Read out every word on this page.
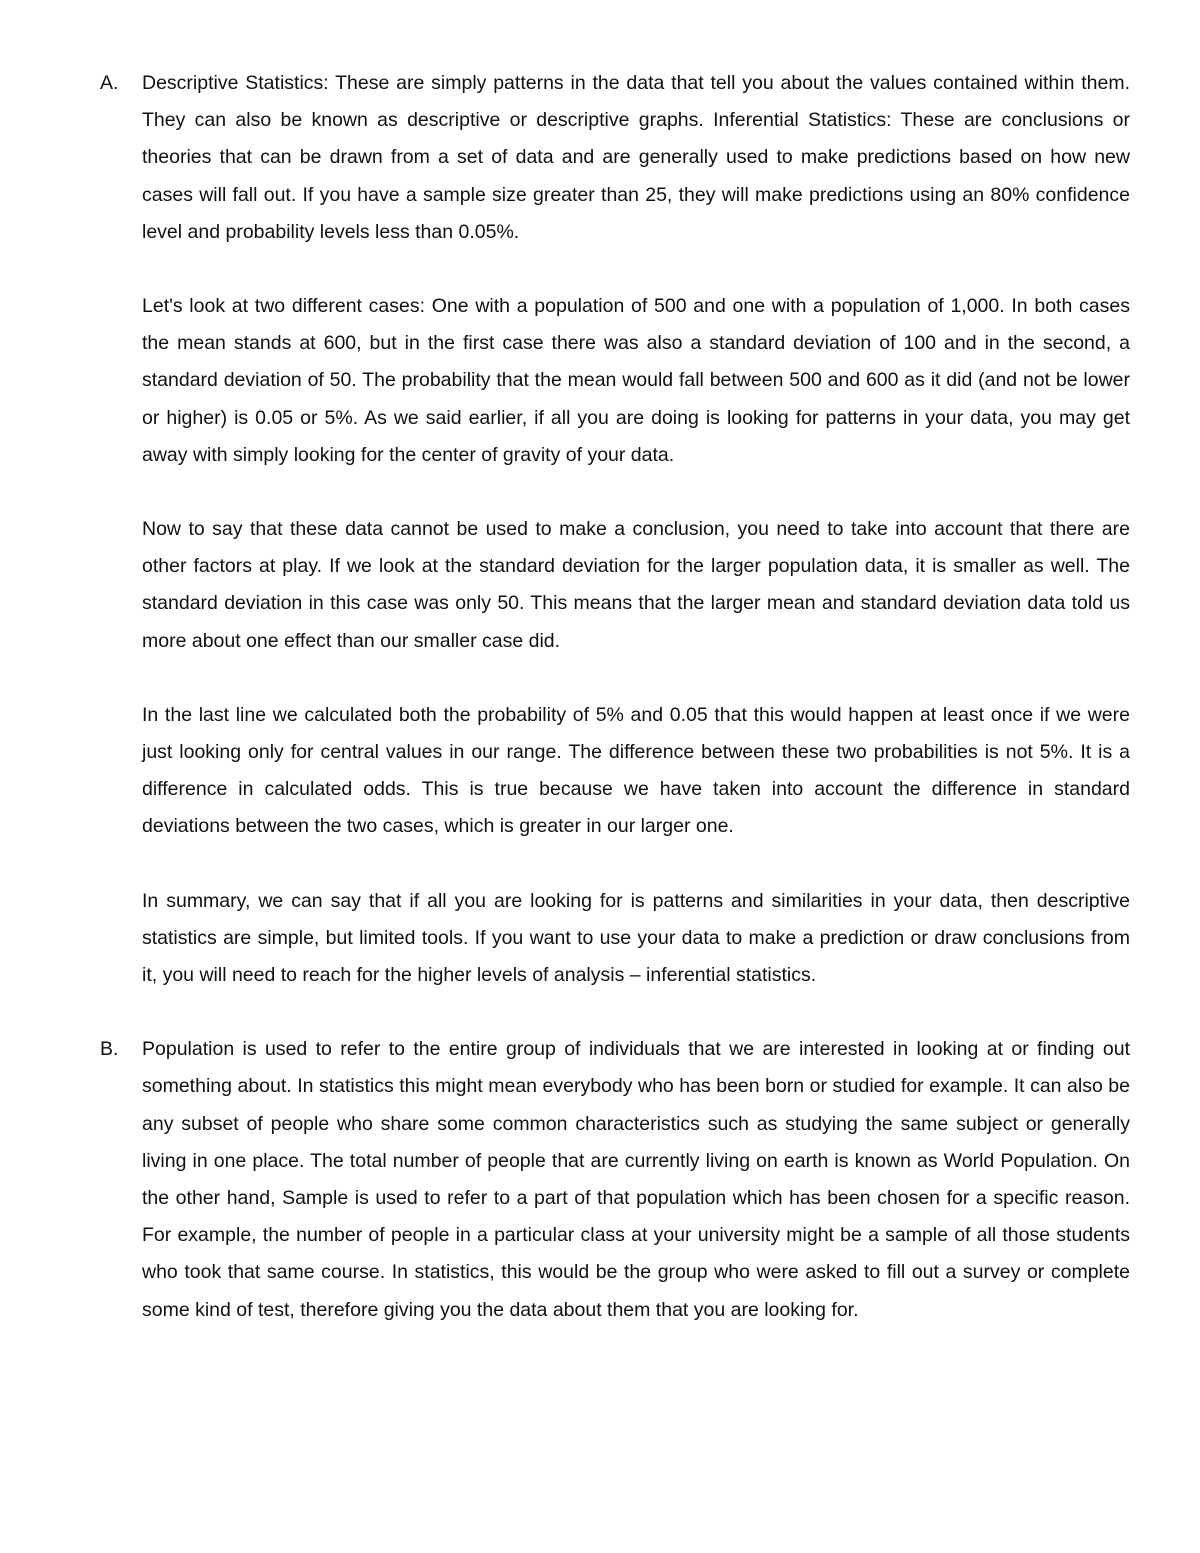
A. Descriptive Statistics: These are simply patterns in the data that tell you about the values contained within them. They can also be known as descriptive or descriptive graphs. Inferential Statistics: These are conclusions or theories that can be drawn from a set of data and are generally used to make predictions based on how new cases will fall out. If you have a sample size greater than 25, they will make predictions using an 80% confidence level and probability levels less than 0.05%.

Let's look at two different cases: One with a population of 500 and one with a population of 1,000. In both cases the mean stands at 600, but in the first case there was also a standard deviation of 100 and in the second, a standard deviation of 50. The probability that the mean would fall between 500 and 600 as it did (and not be lower or higher) is 0.05 or 5%. As we said earlier, if all you are doing is looking for patterns in your data, you may get away with simply looking for the center of gravity of your data.

Now to say that these data cannot be used to make a conclusion, you need to take into account that there are other factors at play. If we look at the standard deviation for the larger population data, it is smaller as well. The standard deviation in this case was only 50. This means that the larger mean and standard deviation data told us more about one effect than our smaller case did.

In the last line we calculated both the probability of 5% and 0.05 that this would happen at least once if we were just looking only for central values in our range. The difference between these two probabilities is not 5%. It is a difference in calculated odds. This is true because we have taken into account the difference in standard deviations between the two cases, which is greater in our larger one.

In summary, we can say that if all you are looking for is patterns and similarities in your data, then descriptive statistics are simple, but limited tools. If you want to use your data to make a prediction or draw conclusions from it, you will need to reach for the higher levels of analysis – inferential statistics.

B. Population is used to refer to the entire group of individuals that we are interested in looking at or finding out something about. In statistics this might mean everybody who has been born or studied for example. It can also be any subset of people who share some common characteristics such as studying the same subject or generally living in one place. The total number of people that are currently living on earth is known as World Population. On the other hand, Sample is used to refer to a part of that population which has been chosen for a specific reason. For example, the number of people in a particular class at your university might be a sample of all those students who took that same course. In statistics, this would be the group who were asked to fill out a survey or complete some kind of test, therefore giving you the data about them that you are looking for.
